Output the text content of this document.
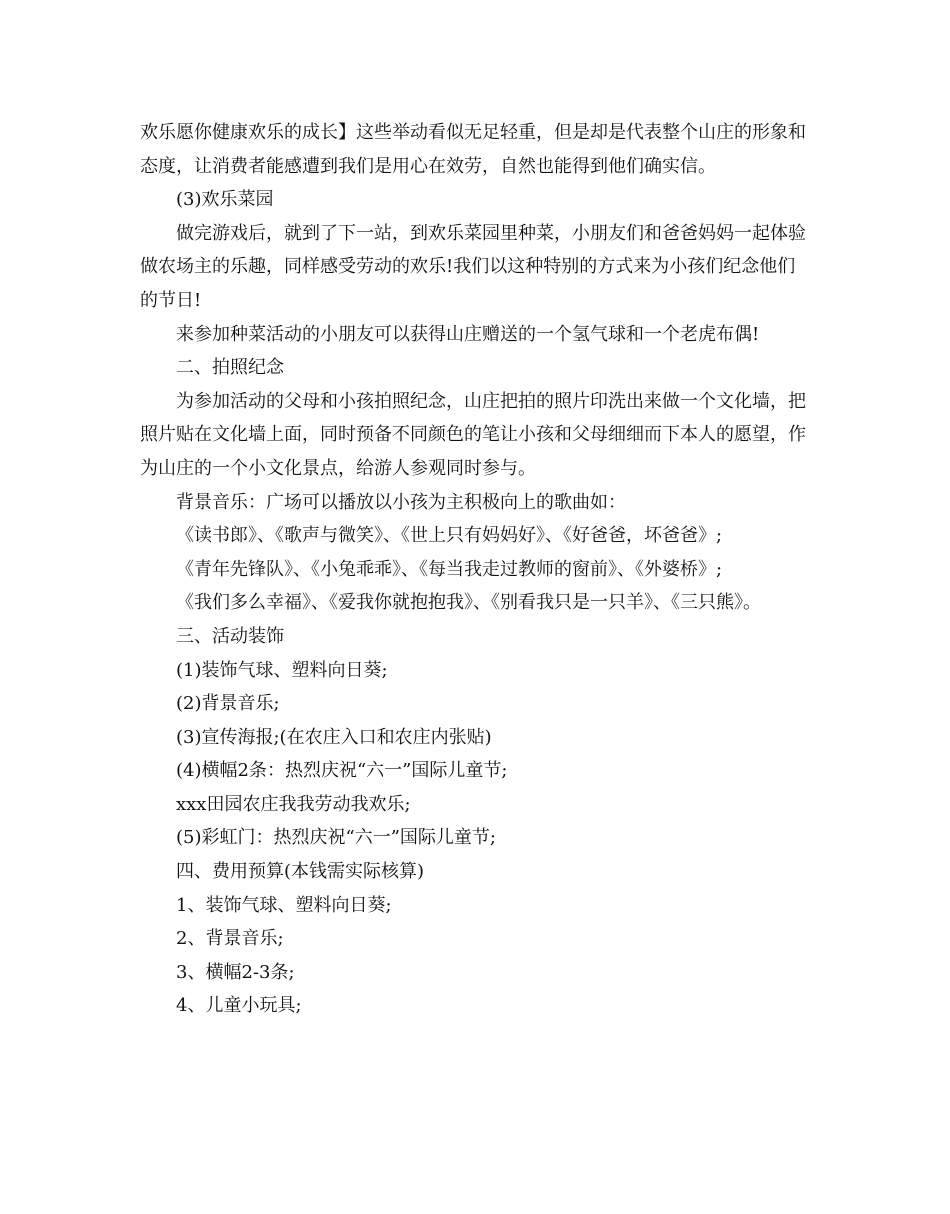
欢乐愿你健康欢乐的成长】这些举动看似无足轻重，但是却是代表整个山庄的形象和态度，让消费者能感遭到我们是用心在效劳，自然也能得到他们确实信。

(3)欢乐菜园

做完游戏后，就到了下一站，到欢乐菜园里种菜，小朋友们和爸爸妈妈一起体验做农场主的乐趣，同样感受劳动的欢乐!我们以这种特别的方式来为小孩们纪念他们的节日!

来参加种菜活动的小朋友可以获得山庄赠送的一个氢气球和一个老虎布偶!

二、拍照纪念

为参加活动的父母和小孩拍照纪念，山庄把拍的照片印洗出来做一个文化墙，把照片贴在文化墙上面，同时预备不同颜色的笔让小孩和父母细细而下本人的愿望，作为山庄的一个小文化景点，给游人参观同时参与。

背景音乐：广场可以播放以小孩为主积极向上的歌曲如：

《读书郎》、《歌声与微笑》、《世上只有妈妈好》、《好爸爸，坏爸爸》;

《青年先锋队》、《小兔乖乖》、《每当我走过教师的窗前》、《外婆桥》;

《我们多么幸福》、《爱我你就抱抱我》、《别看我只是一只羊》、《三只熊》。

三、活动装饰

(1)装饰气球、塑料向日葵;

(2)背景音乐;

(3)宣传海报;(在农庄入口和农庄内张贴)

(4)横幅2条：热烈庆祝“六一”国际儿童节;

xxx田园农庄我我劳动我欢乐;

(5)彩虹门：热烈庆祝“六一”国际儿童节;

四、费用预算(本钱需实际核算)

1、装饰气球、塑料向日葵;

2、背景音乐;

3、横幅2-3条;

4、儿童小玩具;
